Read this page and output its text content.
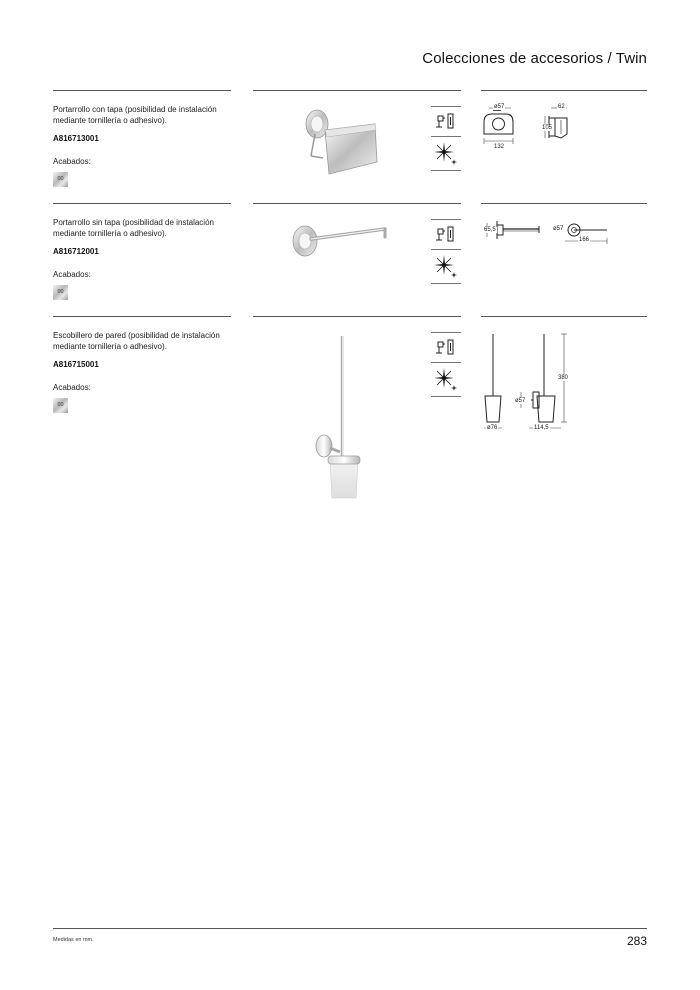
Colecciones de accesorios / Twin
Portarrollo con tapa (posibilidad de instalación mediante tornillería o adhesivo).
A816713001
Acabados:
00
ø57	62
105
132
Portarrollo sin tapa (posibilidad de instalación mediante tornillería o adhesivo).
A816712001
Acabados:
00
65,5	ø57
166
Escobillero de pared (posibilidad de instalación mediante tornillería o adhesivo).
A816715001
Acabados:
00
380
ø57
ø76	114,5
Medidas en mm.	283
